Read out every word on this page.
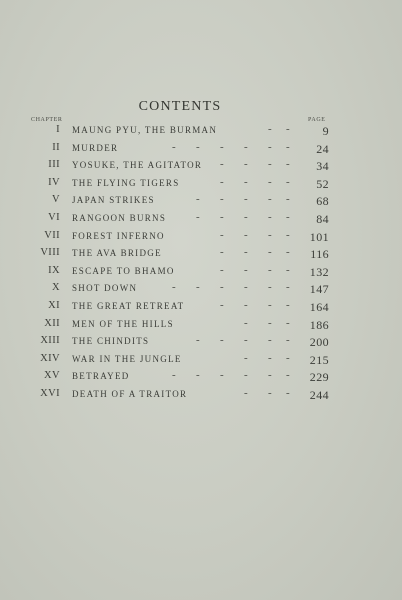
CONTENTS
CHAPTER	PAGE
I MAUNG PYU, THE BURMAN	- -	9
II MURDER	- - - - - - 24
III YOSUKE, THE AGITATOR - - - - 34
IV THE FLYING TIGERS	- - - - 52
V JAPAN STRIKES	- - - - - 68
VI RANGOON BURNS	- - - - - 84
VII FOREST INFERNO	- - - - 101
VIII THE AVA BRIDGE	- - - - 116
IX ESCAPE TO BHAMO	- - - - 132
X SHOT DOWN	- - - - - - 147
XI THE GREAT RETREAT	- - - - 164
XII MEN OF THE HILLS	- - - 186
XIII THE CHINDITS	- - - - - 200
XIV WAR IN THE JUNGLE	- - - 215
XV BETRAYED	- - - - - - 229
XVI DEATH OF A TRAITOR	- - - 244
